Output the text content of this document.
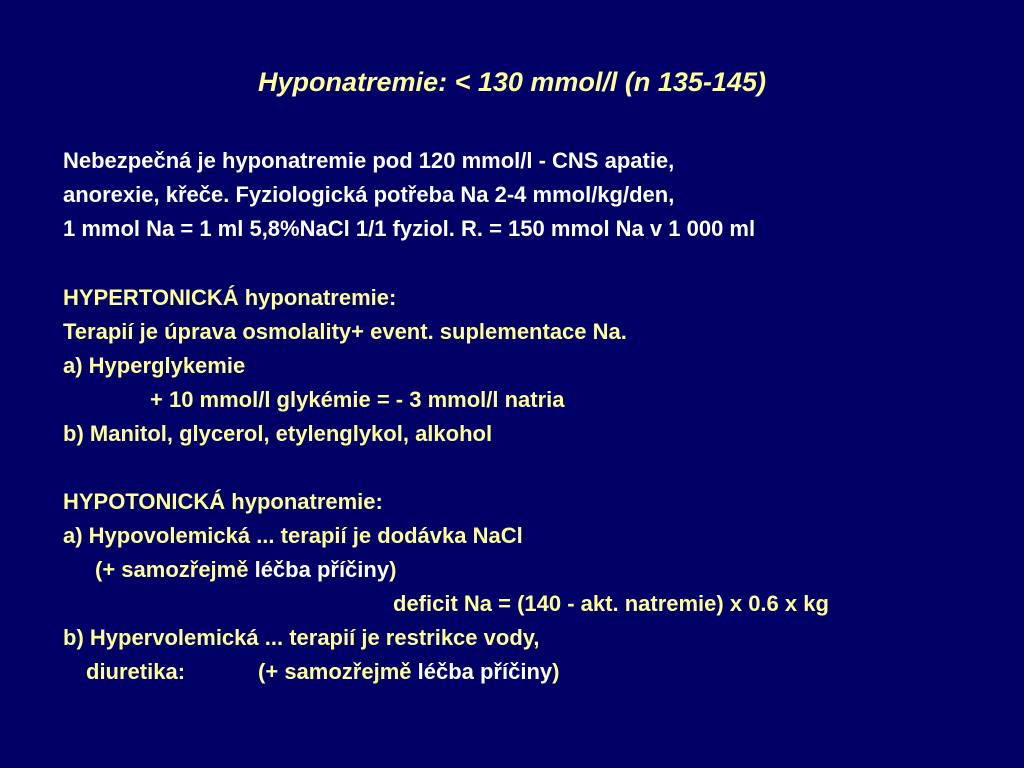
Hyponatremie: < 130 mmol/l (n 135-145)
Nebezpečná je hyponatremie pod 120 mmol/l - CNS apatie,
anorexie, křeče. Fyziologická potřeba Na 2-4 mmol/kg/den,
1 mmol Na = 1 ml 5,8%NaCl 1/1 fyziol. R. = 150 mmol Na v 1 000 ml
HYPERTONICKÁ hyponatremie:
Terapií je úprava osmolality+ event. suplementace Na.
a) Hyperglykemie
+ 10 mmol/l glykémie = - 3 mmol/l natria
b) Manitol, glycerol, etylenglykol, alkohol
HYPOTONICKÁ hyponatremie:
a) Hypovolemická ... terapií je dodávka NaCl
(+ samozřejmě léčba příčiny)
deficit Na = (140 - akt. natremie) x 0.6 x kg
b) Hypervolemická ... terapií je restrikce vody,
diuretika:	(+ samozřejmě léčba příčiny)
